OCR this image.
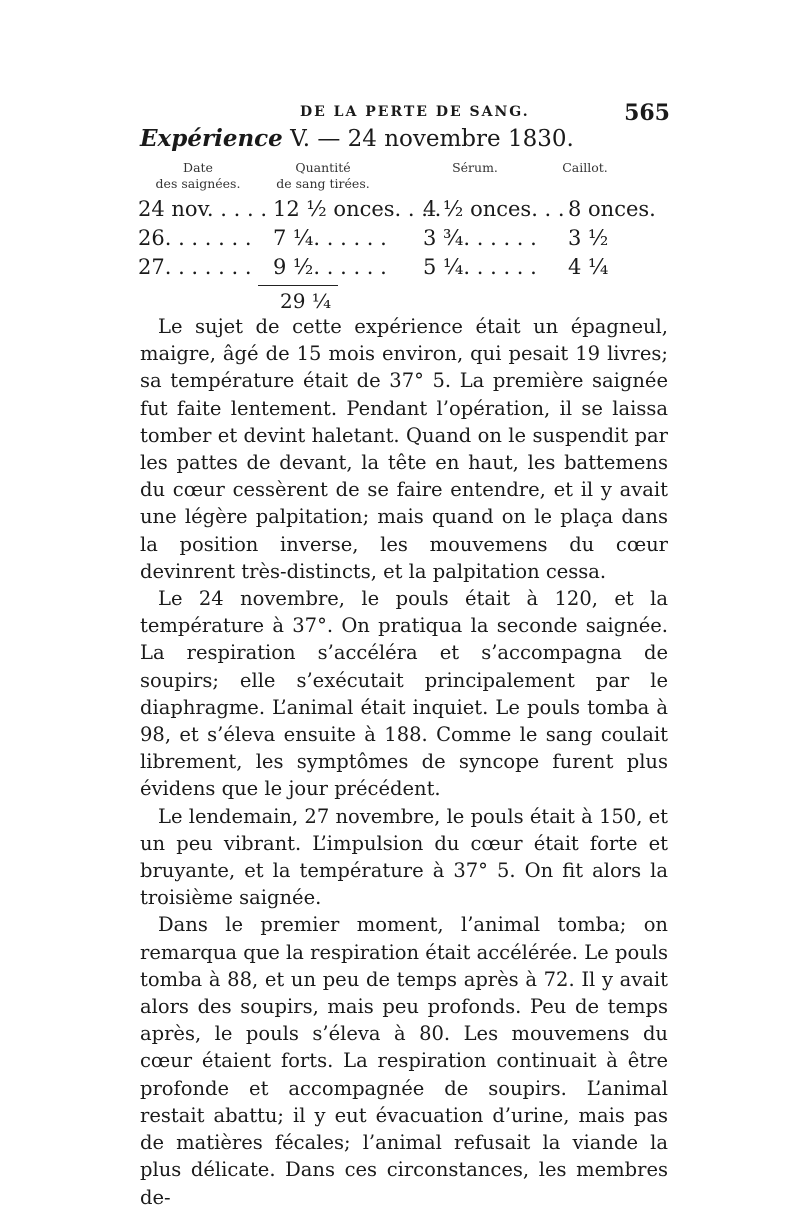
DE LA PERTE DE SANG.	565
Expérience V. — 24 novembre 1830.
Date
des saignées.
Quantité
de sang tirées.
Sérum.	Caillot.
24 nov. . . . . 12 ½ onces. . . .
4 ½ onces. . . 8 onces.
26. . . . . . . 7 ¼. . . . . . 3 ¾. . . . . . 3 ½
27. . . . . . . 9 ½. . . . . . 5 ¼. . . . . . 4 ¼
29 ¼

Le sujet de cette expérience était un épagneul, maigre, âgé de 15 mois environ, qui pesait 19 livres; sa température était de 37° 5. La première saignée fut faite lentement. Pendant l’opération, il se laissa tomber et devint haletant. Quand on le suspendit par les pattes de devant, la tête en haut, les battemens du cœur cessèrent de se faire entendre, et il y avait une légère palpitation; mais quand on le plaça dans la position inverse, les mouvemens du cœur devinrent très-distincts, et la palpitation cessa.

Le 24 novembre, le pouls était à 120, et la température à 37°. On pratiqua la seconde saignée. La respiration s’accéléra et s’accompagna de soupirs; elle s’exécutait principalement par le diaphragme. L’animal était inquiet. Le pouls tomba à 98, et s’éleva ensuite à 188. Comme le sang coulait librement, les symptômes de syncope furent plus évidens que le jour précédent.

Le lendemain, 27 novembre, le pouls était à 150, et un peu vibrant. L’impulsion du cœur était forte et bruyante, et la température à 37° 5. On fit alors la troisième saignée.

Dans le premier moment, l’animal tomba; on remarqua que la respiration était accélérée. Le pouls tomba à 88, et un peu de temps après à 72. Il y avait alors des soupirs, mais peu profonds. Peu de temps après, le pouls s’éleva à 80. Les mouvemens du cœur étaient forts. La respiration continuait à être profonde et accompagnée de soupirs. L’animal restait abattu; il y eut évacuation d’urine, mais pas de matières fécales; l’animal refusait la viande la plus délicate. Dans ces circonstances, les membres de-
